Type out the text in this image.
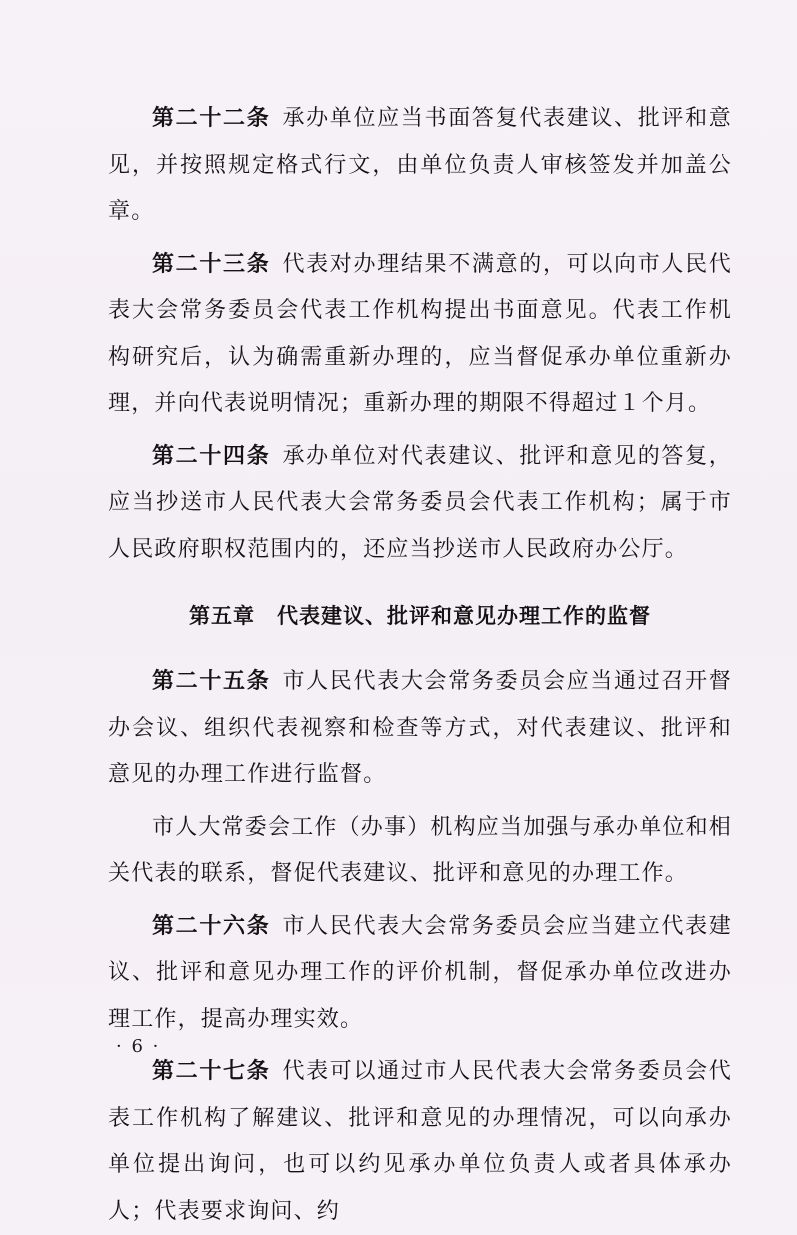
第二十二条 承办单位应当书面答复代表建议、批评和意见，并按照规定格式行文，由单位负责人审核签发并加盖公章。

第二十三条 代表对办理结果不满意的，可以向市人民代表大会常务委员会代表工作机构提出书面意见。代表工作机构研究后，认为确需重新办理的，应当督促承办单位重新办理，并向代表说明情况；重新办理的期限不得超过１个月。

第二十四条 承办单位对代表建议、批评和意见的答复，应当抄送市人民代表大会常务委员会代表工作机构；属于市人民政府职权范围内的，还应当抄送市人民政府办公厅。

第五章　代表建议、批评和意见办理工作的监督

第二十五条 市人民代表大会常务委员会应当通过召开督办会议、组织代表视察和检查等方式，对代表建议、批评和意见的办理工作进行监督。

市人大常委会工作（办事）机构应当加强与承办单位和相关代表的联系，督促代表建议、批评和意见的办理工作。

第二十六条 市人民代表大会常务委员会应当建立代表建议、批评和意见办理工作的评价机制，督促承办单位改进办理工作，提高办理实效。

第二十七条 代表可以通过市人民代表大会常务委员会代表工作机构了解建议、批评和意见的办理情况，可以向承办单位提出询问，也可以约见承办单位负责人或者具体承办人；代表要求询问、约

· 6 ·
